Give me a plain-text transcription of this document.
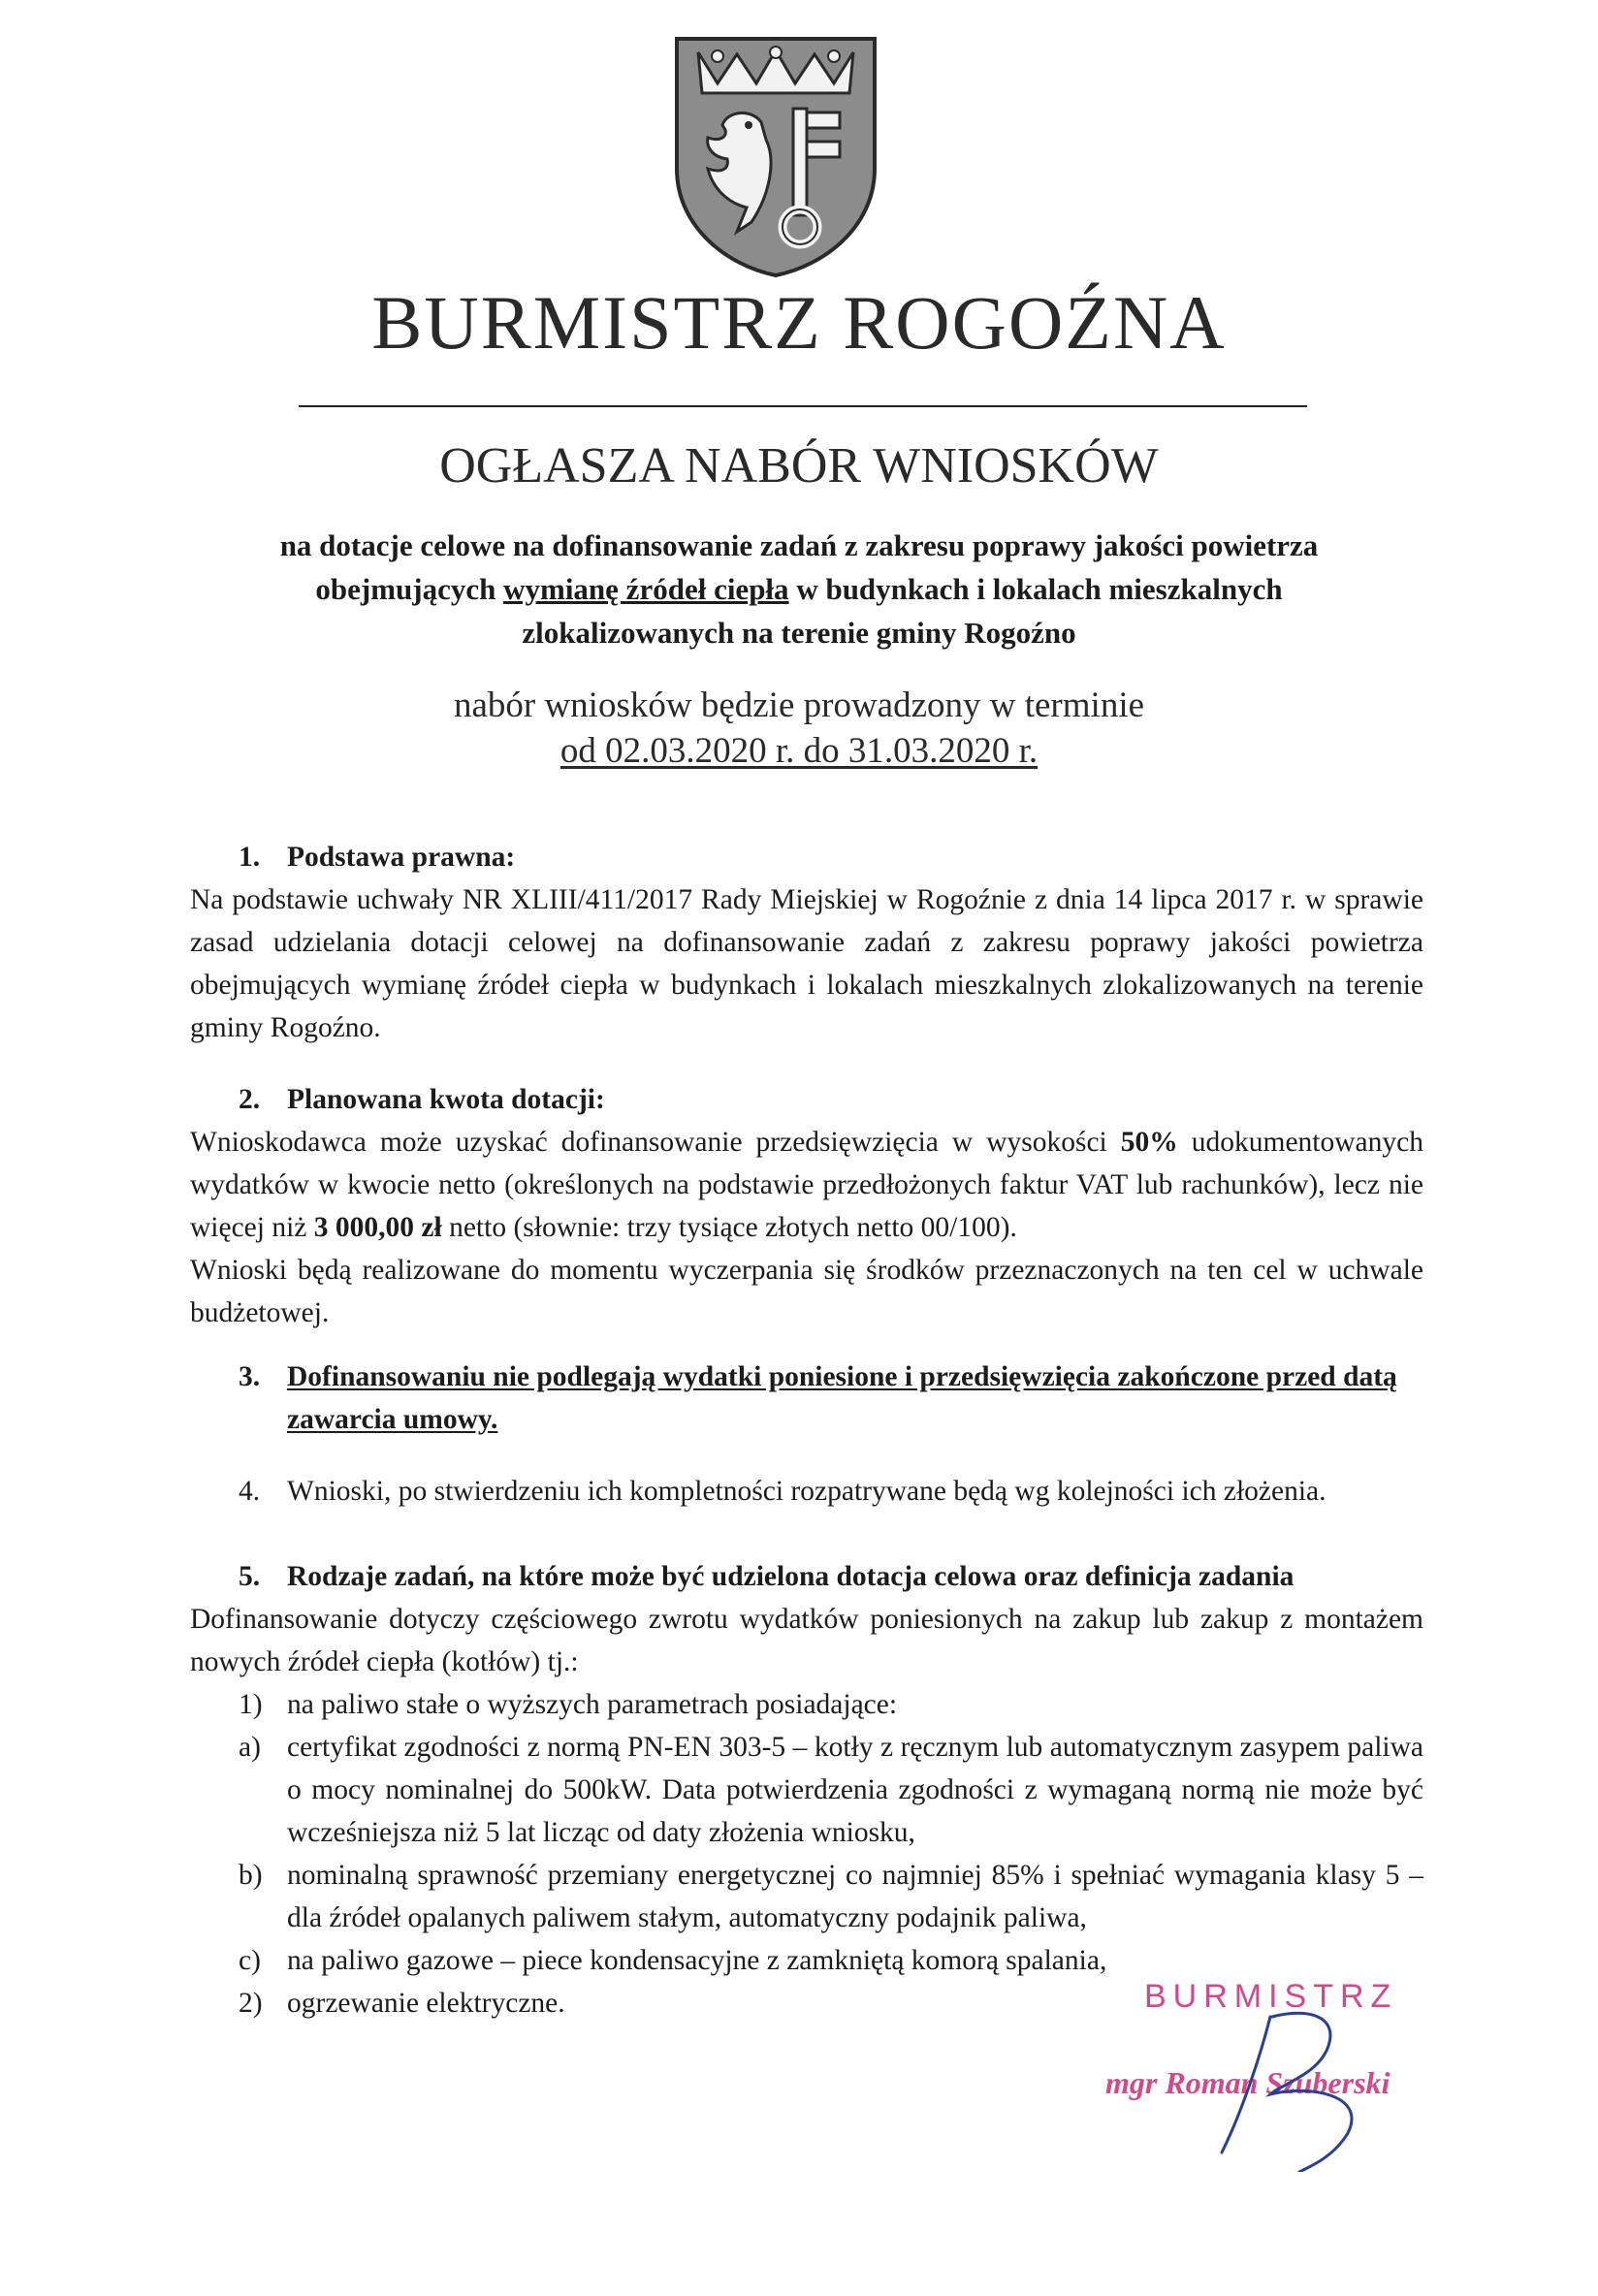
BURMISTRZ ROGOŹNA
OGŁASZA NABÓR WNIOSKÓW
na dotacje celowe na dofinansowanie zadań z zakresu poprawy jakości powietrza
obejmujących wymianę źródeł ciepła w budynkach i lokalach mieszkalnych
zlokalizowanych na terenie gminy Rogoźno
nabór wniosków będzie prowadzony w terminie
od 02.03.2020 r. do 31.03.2020 r.
1. Podstawa prawna:
Na podstawie uchwały NR XLIII/411/2017 Rady Miejskiej w Rogoźnie z dnia 14 lipca 2017 r. w sprawie zasad udzielania dotacji celowej na dofinansowanie zadań z zakresu poprawy jakości powietrza obejmujących wymianę źródeł ciepła w budynkach i lokalach mieszkalnych zlokalizowanych na terenie gminy Rogoźno.
2. Planowana kwota dotacji:
Wnioskodawca może uzyskać dofinansowanie przedsięwzięcia w wysokości 50% udokumentowanych wydatków w kwocie netto (określonych na podstawie przedłożonych faktur VAT lub rachunków), lecz nie więcej niż 3 000,00 zł netto (słownie: trzy tysiące złotych netto 00/100).
Wnioski będą realizowane do momentu wyczerpania się środków przeznaczonych na ten cel w uchwale budżetowej.
3. Dofinansowaniu nie podlegają wydatki poniesione i przedsięwzięcia zakończone przed datą zawarcia umowy.
4. Wnioski, po stwierdzeniu ich kompletności rozpatrywane będą wg kolejności ich złożenia.
5. Rodzaje zadań, na które może być udzielona dotacja celowa oraz definicja zadania
Dofinansowanie dotyczy częściowego zwrotu wydatków poniesionych na zakup lub zakup z montażem nowych źródeł ciepła (kotłów) tj.:
1) na paliwo stałe o wyższych parametrach posiadające:
a) certyfikat zgodności z normą PN-EN 303-5 – kotły z ręcznym lub automatycznym zasypem paliwa o mocy nominalnej do 500kW. Data potwierdzenia zgodności z wymaganą normą nie może być wcześniejsza niż 5 lat licząc od daty złożenia wniosku,
b) nominalną sprawność przemiany energetycznej co najmniej 85% i spełniać wymagania klasy 5 – dla źródeł opalanych paliwem stałym, automatyczny podajnik paliwa,
c) na paliwo gazowe – piece kondensacyjne z zamkniętą komorą spalania,
2) ogrzewanie elektryczne.	BURMISTRZ
mgr Roman Szuberski
